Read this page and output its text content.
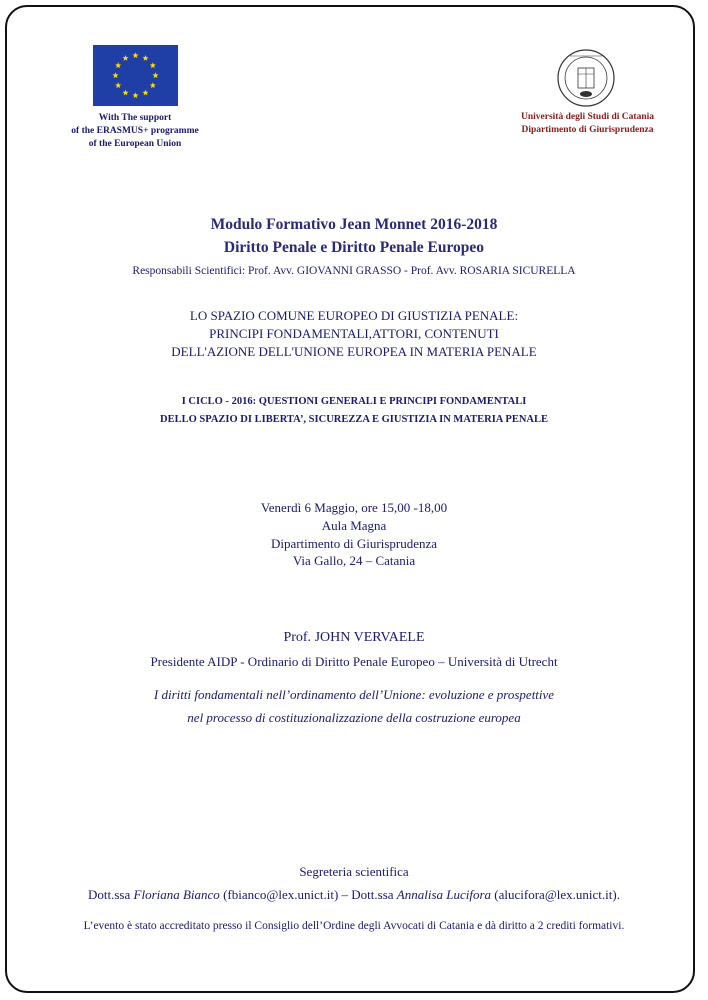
With The support
of the ERASMUS+ programme
of the European Union
Università degli Studi di Catania
Dipartimento di Giurisprudenza
Modulo Formativo Jean Monnet 2016-2018
Diritto Penale e Diritto Penale Europeo
Responsabili Scientifici: Prof. Avv. GIOVANNI GRASSO - Prof. Avv. ROSARIA SICURELLA
LO SPAZIO COMUNE EUROPEO DI GIUSTIZIA PENALE:
PRINCIPI FONDAMENTALI,ATTORI, CONTENUTI
DELL'AZIONE DELL'UNIONE EUROPEA IN MATERIA PENALE
I CICLO - 2016: QUESTIONI GENERALI E PRINCIPI FONDAMENTALI
DELLO SPAZIO DI LIBERTA’, SICUREZZA E GIUSTIZIA IN MATERIA PENALE
Venerdì 6 Maggio, ore 15,00 -18,00
Aula Magna
Dipartimento di Giurisprudenza
Via Gallo, 24 – Catania
Prof. JOHN VERVAELE
Presidente AIDP - Ordinario di Diritto Penale Europeo – Università di Utrecht
I diritti fondamentali nell’ordinamento dell’Unione: evoluzione e prospettive
nel processo di costituzionalizzazione della costruzione europea
Segreteria scientifica
Dott.ssa Floriana Bianco (fbianco@lex.unict.it) – Dott.ssa Annalisa Lucifora (alucifora@lex.unict.it).
L’evento è stato accreditato presso il Consiglio dell’Ordine degli Avvocati di Catania e dà diritto a 2 crediti formativi.
